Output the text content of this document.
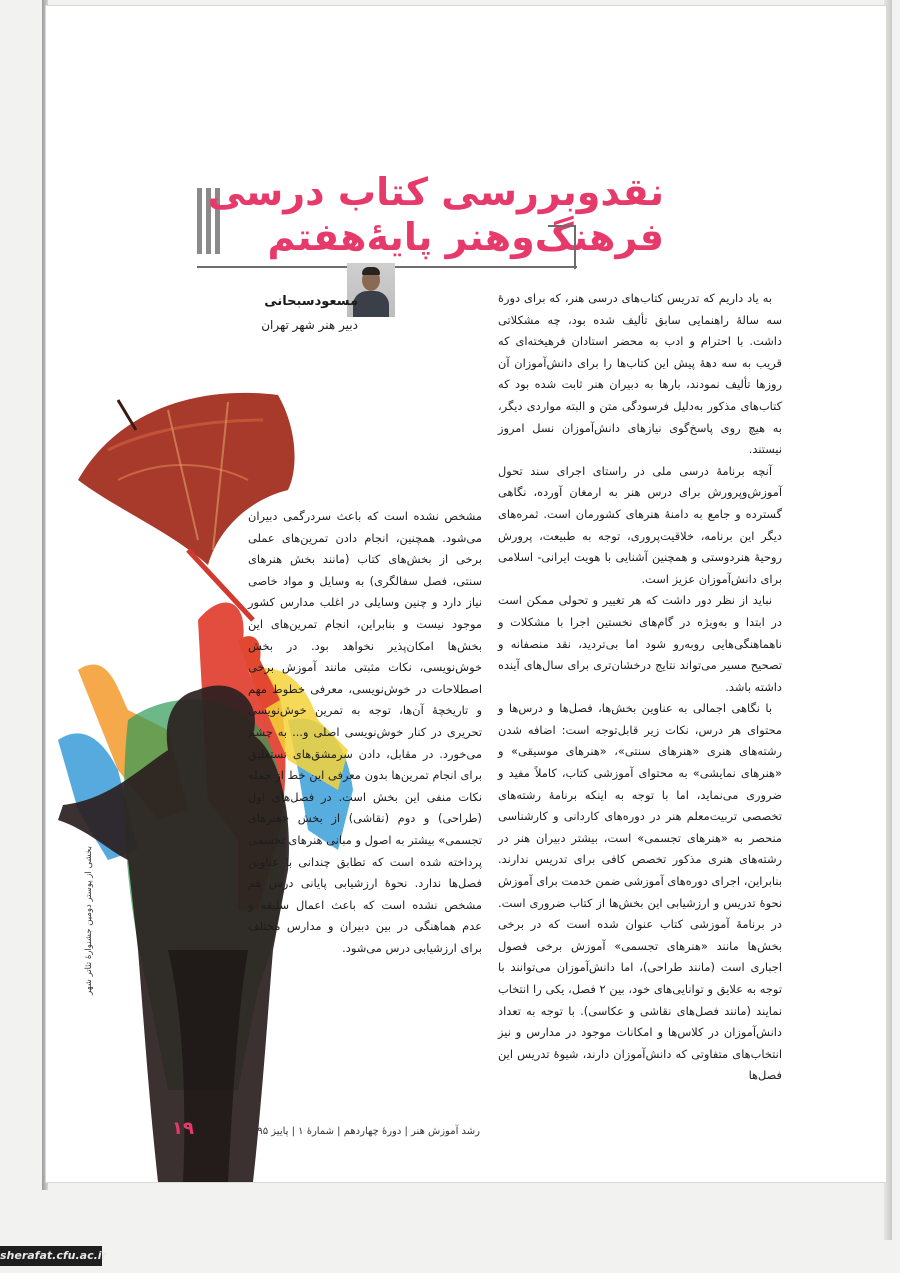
نقدوبررسی کتاب درسی
فرهنگ‌وهنر پایۀهفتم
مسعودسبحانی
دبیر هنر شهر تهران

به یاد داریم که تدریس کتاب‌های درسی هنر، که برای دورۀ سه سالۀ راهنمایی سابق تألیف شده بود، چه مشکلاتی داشت. با احترام و ادب به محضر استادان فرهیخته‌ای که قریب به سه دهۀ پیش این کتاب‌ها را برای دانش‌آموزان آن روزها تألیف نمودند، بارها به دبیران هنر ثابت شده بود که کتاب‌های مذکور به‌دلیل فرسودگی متن و البته مواردی دیگر، به هیچ روی پاسخ‌گوی نیازهای دانش‌آموزان نسل امروز نیستند.

آنچه برنامۀ درسی ملی در راستای اجرای سند تحول آموزش‌وپرورش برای درس هنر به ارمغان آورده، نگاهی گسترده و جامع به دامنۀ هنرهای کشورمان است. ثمره‌های دیگر این برنامه، خلاقیت‌پروری، توجه به طبیعت، پرورش روحیۀ هنردوستی و همچنین آشنایی با هویت ایرانی- اسلامی برای دانش‌آموزان عزیز است.

نباید از نظر دور داشت که هر تغییر و تحولی ممکن است در ابتدا و به‌ویژه در گام‌های نخستین اجرا با مشکلات و ناهماهنگی‌هایی روبه‌رو شود اما بی‌تردید، نقد منصفانه و تصحیح مسیر می‌تواند نتایج درخشان‌تری برای سال‌های آینده داشته باشد.

با نگاهی اجمالی به عناوین بخش‌ها، فصل‌ها و درس‌ها و محتوای هر درس، نکات زیر قابل‌توجه است: اضافه شدن رشته‌های هنری «هنرهای سنتی»، «هنرهای موسیقی» و «هنرهای نمایشی» به محتوای آموزشی کتاب، کاملاً مفید و ضروری می‌نماید، اما با توجه به اینکه برنامۀ رشته‌های تخصصی تربیت‌معلم هنر در دوره‌های کاردانی و کارشناسی منحصر به «هنرهای تجسمی» است، بیشتر دبیران هنر در رشته‌های هنری مذکور تخصص کافی برای تدریس ندارند. بنابراین، اجرای دوره‌های آموزشی ضمن خدمت برای آموزش نحوۀ تدریس و ارزشیابی این بخش‌ها از کتاب ضروری است. در برنامۀ آموزشی کتاب عنوان شده است که در برخی بخش‌ها مانند «هنرهای تجسمی» آموزش برخی فصول اجباری است (مانند طراحی)، اما دانش‌آموزان می‌توانند با توجه به علایق و توانایی‌های خود، بین ۲ فصل، یکی را انتخاب نمایند (مانند فصل‌های نقاشی و عکاسی). با توجه به تعداد دانش‌آموزان در کلاس‌ها و امکانات موجود در مدارس و نیز انتخاب‌های متفاوتی که دانش‌آموزان دارند، شیوۀ تدریس این فصل‌ها

مشخص نشده است که باعث سردرگمی دبیران می‌شود. همچنین، انجام دادن تمرین‌های عملی برخی از بخش‌های کتاب (مانند بخش هنرهای سنتی، فصل سفالگری) به وسایل و مواد خاصی نیاز دارد و چنین وسایلی در اغلب مدارس کشور موجود نیست و بنابراین، انجام تمرین‌های این بخش‌ها امکان‌پذیر نخواهد بود. در بخش خوش‌نویسی، نکات مثبتی مانند آموزش برخی اصطلاحات در خوش‌نویسی، معرفی خطوط مهم و تاریخچۀ آن‌ها، توجه به تمرین خوش‌نویسی تحریری در کنار خوش‌نویسی اصلی و... به چشم می‌خورد. در مقابل، دادن سرمشق‌های نستعلیق برای انجام تمرین‌ها بدون معرفی این خط از جمله نکات منفی این بخش است. در فصل‌های اول (طراحی) و دوم (نقاشی) از بخش «هنرهای تجسمی» بیشتر به اصول و مبانی هنرهای تجسمی پرداخته شده است که تطابق چندانی با عناوین فصل‌ها ندارد. نحوۀ ارزشیابی پایانی درس هم مشخص نشده است که باعث اعمال سلیقه و عدم هماهنگی در بین دبیران و مدارس مختلف برای ارزشیابی درس می‌شود.

بخشی از پوستر دومین جشنوارۀ تئاتر شهر
۱۹	رشد آموزش هنر | دورۀ چهاردهم | شمارۀ ۱ | پاییز ۱۳۹۵ |
sherafat.cfu.ac.ir
